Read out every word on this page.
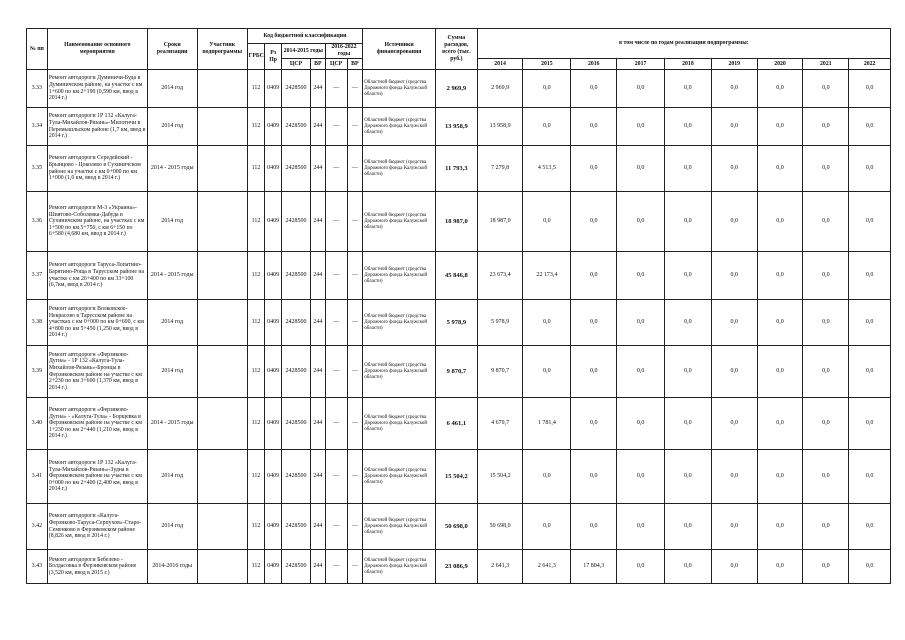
№ пп	Наименование основного мероприятия	Сроки реализации	Участник подпрограммы	Код бюджетной классификации						Источники финансирования	Сумма расходов, всего (тыс. руб.)	в том числе по годам реализации подпрограммы:								
				ГРБС	Рз Пр	2014-2015 годы		2016-2022 годы												
						ЦСР	ВР	ЦСР	ВР			2014	2015	2016	2017	2018	2019	2020	2021	2022
3.33	Ремонт автодороги Думиничи-Буда в Думиничском районе, на участке с км 1+600 по км 2+190 (0,590 км, ввод в 2014 г.)	2014 год		112	0409	2428500	244	—	—	Областной бюджет (средства Дорожного фонда Калужской области)	2 969,9	2 969,9	0,0	0,0	0,0	0,0	0,0	0,0	0,0	0,0
3.34	Ремонт автодороги 1Р 132 «Калуга-Тула-Михайлов-Рязань»-Милотичи в Перемышльском районе (1,7 км, ввод в 2014 г.)	2014 год		112	0409	2428500	244	—	—	Областной бюджет (средства Дорожного фонда Калужской области)	13 958,9	13 958,9	0,0	0,0	0,0	0,0	0,0	0,0	0,0	0,0
3.35	Ремонт автодороги Середейский - Брынцово - Цоколево в Сухиничском районе на участке с км 0+000 по км 1+000 (1,0 км, ввод в 2014 г.)	2014 - 2015 годы		112	0409	2428500	244	—	—	Областной бюджет (средства Дорожного фонда Калужской области)	11 793,3	7 279,8	4 513,5	0,0	0,0	0,0	0,0	0,0	0,0	0,0
3.36	Ремонт автодороги М-3 «Украина»-Шиятово-Соболевка-Дабуда в Сухиничском районе, на участках с км 1+500 по км 5+750, с км 6+150 по 6+580 (4,680 км, ввод в 2014 г.)	2014 год		112	0409	2428500	244	—	—	Областной бюджет (средства Дорожного фонда Калужской области)	18 987,0	18 987,0	0,0	0,0	0,0	0,0	0,0	0,0	0,0	0,0
3.37	Ремонт автодороги Таруса-Лопатино-Барятино-Роща в Тарусском районе на участке с км 26+400 по км 33+100 (6,7км, ввод в 2014 г.)	2014 - 2015 годы		112	0409	2428500	244	—	—	Областной бюджет (средства Дорожного фонда Калужской области)	45 846,8	23 673,4	22 173,4	0,0	0,0	0,0	0,0	0,0	0,0	0,0
3.38	Ремонт автодороги Волковское-Некрасово в Тарусском районе на участках с км 0+000 по км 0+600, с км 4+800 по км 5+450 (1,250 км, ввод в 2014 г.)	2014 год		112	0409	2428500	244	—	—	Областной бюджет (средства Дорожного фонда Калужской области)	5 978,9	5 978,9	0,0	0,0	0,0	0,0	0,0	0,0	0,0	0,0
3.39	Ремонт автодороги «Ферзиково-Дугна» - 1Р 132 «Калуга-Тула-Михайлов-Рязань»-Бронцы в Ферзиковском районе на участке с км 2+230 по км 3+600 (1,370 км, ввод в 2014 г.)	2014 год		112	0409	2428500	244	—	—	Областной бюджет (средства Дорожного фонда Калужской области)	9 870,7	9 870,7	0,0	0,0	0,0	0,0	0,0	0,0	0,0	0,0
3.40	Ремонт автодороги «Ферзиково-Дугна» - «Калуга-Тула» - Борщевка в Ферзиковском районе на участке с км 1+230 по км 2+440 (1,210 км, ввод в 2014 г.)	2014 - 2015 годы		112	0409	2428500	244	—	—	Областной бюджет (средства Дорожного фонда Калужской области)	6 461,1	4 679,7	1 781,4	0,0	0,0	0,0	0,0	0,0	0,0	0,0
3.41	Ремонт автодороги 1Р 132 «Калуга-Тула-Михайлов-Рязань»-Зудна в Ферзиковском районе на участке с км 0+000 по км 2+400 (2,400 км, ввод в 2014 г.)	2014 год		112	0409	2428500	244	—	—	Областной бюджет (средства Дорожного фонда Калужской области)	15 504,2	15 504,2	0,0	0,0	0,0	0,0	0,0	0,0	0,0	0,0
3.42	Ремонт автодороги «Калуга-Ферзиково-Таруса-Серпухов»-Старо-Семенково в Ферзиковском районе (8,826 км, ввод в 2014 г.)	2014 год		112	0409	2428500	244	—	—	Областной бюджет (средства Дорожного фонда Калужской области)	50 698,0	50 698,0	0,0	0,0	0,0	0,0	0,0	0,0	0,0	0,0
3.43	Ремонт автодороги Бебелево - Болдасовка в Ферзиковском районе (3,520 км, ввод в 2015 г.)	2014-2016 годы		112	0409	2428500	244	—	—	Областной бюджет (средства Дорожного фонда Калужской области)	23 086,9	2 641,3	2 641,3	17 804,3	0,0	0,0	0,0	0,0	0,0	0,0
